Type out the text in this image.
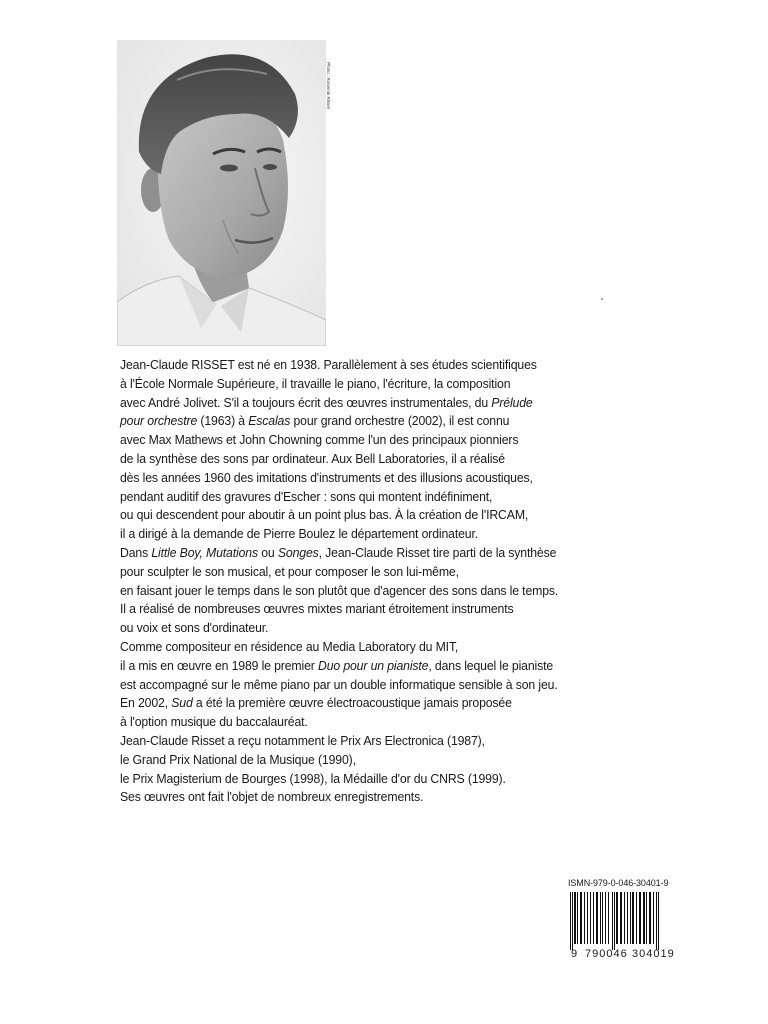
Photo : Rosemin Risset
Jean-Claude RISSET est né en 1938. Parallèlement à ses études scientifiques
à l'École Normale Supérieure, il travaille le piano, l'écriture, la composition
avec André Jolivet. S'il a toujours écrit des œuvres instrumentales, du Prélude
pour orchestre (1963) à Escalas pour grand orchestre (2002), il est connu
avec Max Mathews et John Chowning comme l'un des principaux pionniers
de la synthèse des sons par ordinateur. Aux Bell Laboratories, il a réalisé
dès les années 1960 des imitations d'instruments et des illusions acoustiques,
pendant auditif des gravures d'Escher : sons qui montent indéfiniment,
ou qui descendent pour aboutir à un point plus bas. À la création de l'IRCAM,
il a dirigé à la demande de Pierre Boulez le département ordinateur.
Dans Little Boy, Mutations ou Songes, Jean-Claude Risset tire parti de la synthèse
pour sculpter le son musical, et pour composer le son lui-même,
en faisant jouer le temps dans le son plutôt que d'agencer des sons dans le temps.
Il a réalisé de nombreuses œuvres mixtes mariant étroitement instruments
ou voix et sons d'ordinateur.
Comme compositeur en résidence au Media Laboratory du MIT,
il a mis en œuvre en 1989 le premier Duo pour un pianiste, dans lequel le pianiste
est accompagné sur le même piano par un double informatique sensible à son jeu.
En 2002, Sud a été la première œuvre électroacoustique jamais proposée
à l'option musique du baccalauréat.
Jean-Claude Risset a reçu notamment le Prix Ars Electronica (1987),
le Grand Prix National de la Musique (1990),
le Prix Magisterium de Bourges (1998), la Médaille d'or du CNRS (1999).
Ses œuvres ont fait l'objet de nombreux enregistrements.
ISMN-979-0-046-30401-9
9 790046 304019
